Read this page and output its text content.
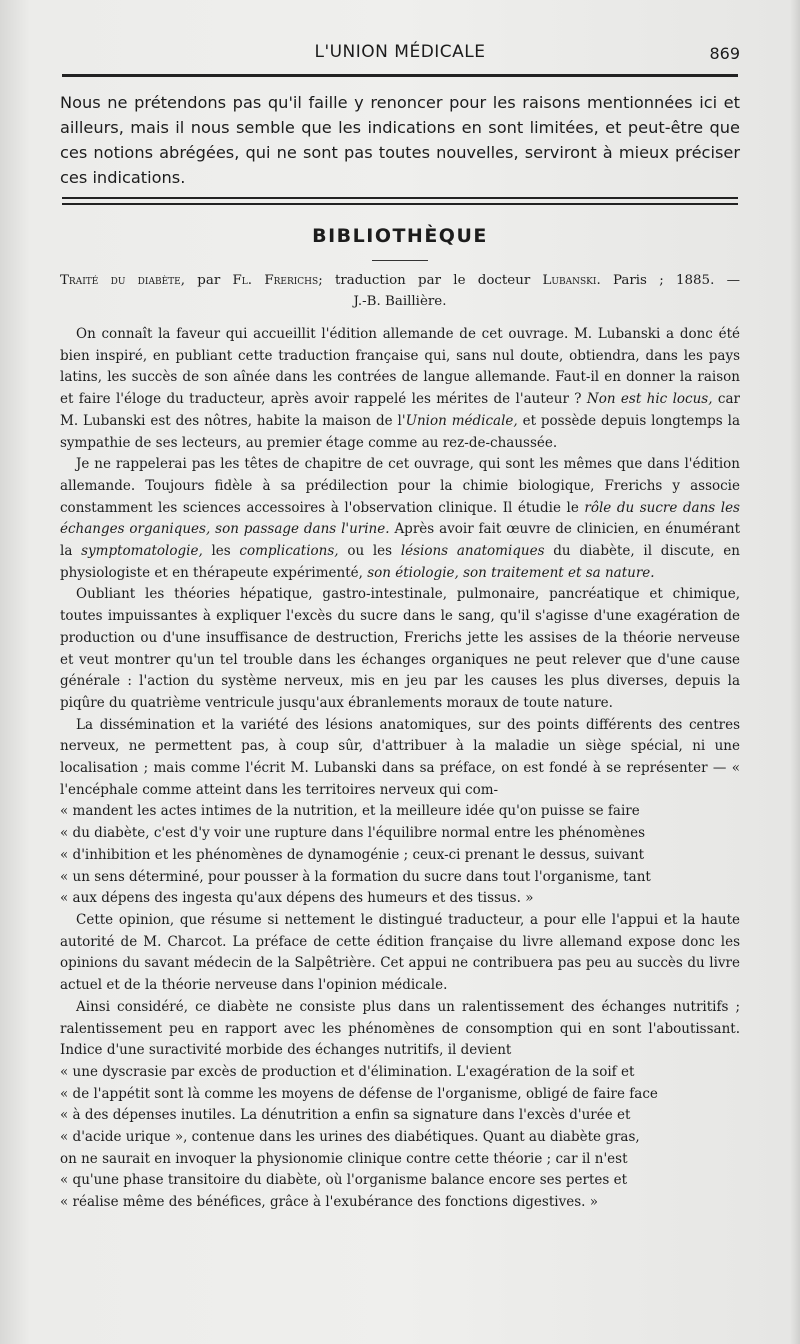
L'UNION MÉDICALE	869
Nous ne prétendons pas qu'il faille y renoncer pour les raisons mentionnées ici et ailleurs, mais il nous semble que les indications en sont limitées, et peut-être que ces notions abrégées, qui ne sont pas toutes nouvelles, serviront à mieux préciser ces indications.
BIBLIOTHÈQUE
Traité du diabète, par Fl. Frerichs; traduction par le docteur Lubanski. Paris ; 1885. —
J.-B. Baillière.

On connaît la faveur qui accueillit l'édition allemande de cet ouvrage. M. Lubanski a donc été bien inspiré, en publiant cette traduction française qui, sans nul doute, obtiendra, dans les pays latins, les succès de son aînée dans les contrées de langue allemande. Faut-il en donner la raison et faire l'éloge du traducteur, après avoir rappelé les mérites de l'auteur ? Non est hic locus, car M. Lubanski est des nôtres, habite la maison de l'Union médicale, et possède depuis longtemps la sympathie de ses lecteurs, au premier étage comme au rez-de-chaussée.

Je ne rappelerai pas les têtes de chapitre de cet ouvrage, qui sont les mêmes que dans l'édition allemande. Toujours fidèle à sa prédilection pour la chimie biologique, Frerichs y associe constamment les sciences accessoires à l'observation clinique. Il étudie le rôle du sucre dans les échanges organiques, son passage dans l'urine. Après avoir fait œuvre de clinicien, en énumérant la symptomatologie, les complications, ou les lésions anatomiques du diabète, il discute, en physiologiste et en thérapeute expérimenté, son étiologie, son traitement et sa nature.

Oubliant les théories hépatique, gastro-intestinale, pulmonaire, pancréatique et chimique, toutes impuissantes à expliquer l'excès du sucre dans le sang, qu'il s'agisse d'une exagération de production ou d'une insuffisance de destruction, Frerichs jette les assises de la théorie nerveuse et veut montrer qu'un tel trouble dans les échanges organiques ne peut relever que d'une cause générale : l'action du système nerveux, mis en jeu par les causes les plus diverses, depuis la piqûre du quatrième ventricule jusqu'aux ébranlements moraux de toute nature.

La dissémination et la variété des lésions anatomiques, sur des points différents des centres nerveux, ne permettent pas, à coup sûr, d'attribuer à la maladie un siège spécial, ni une localisation ; mais comme l'écrit M. Lubanski dans sa préface, on est fondé à se représenter — « l'encéphale comme atteint dans les territoires nerveux qui com-

« mandent les actes intimes de la nutrition, et la meilleure idée qu'on puisse se faire

« du diabète, c'est d'y voir une rupture dans l'équilibre normal entre les phénomènes

« d'inhibition et les phénomènes de dynamogénie ; ceux-ci prenant le dessus, suivant

« un sens déterminé, pour pousser à la formation du sucre dans tout l'organisme, tant

« aux dépens des ingesta qu'aux dépens des humeurs et des tissus. »

Cette opinion, que résume si nettement le distingué traducteur, a pour elle l'appui et la haute autorité de M. Charcot. La préface de cette édition française du livre allemand expose donc les opinions du savant médecin de la Salpêtrière. Cet appui ne contribuera pas peu au succès du livre actuel et de la théorie nerveuse dans l'opinion médicale.

Ainsi considéré, ce diabète ne consiste plus dans un ralentissement des échanges nutritifs ; ralentissement peu en rapport avec les phénomènes de consomption qui en sont l'aboutissant. Indice d'une suractivité morbide des échanges nutritifs, il devient

« une dyscrasie par excès de production et d'élimination. L'exagération de la soif et

« de l'appétit sont là comme les moyens de défense de l'organisme, obligé de faire face

« à des dépenses inutiles. La dénutrition a enfin sa signature dans l'excès d'urée et

« d'acide urique », contenue dans les urines des diabétiques. Quant au diabète gras,

on ne saurait en invoquer la physionomie clinique contre cette théorie ; car il n'est

« qu'une phase transitoire du diabète, où l'organisme balance encore ses pertes et

« réalise même des bénéfices, grâce à l'exubérance des fonctions digestives. »
